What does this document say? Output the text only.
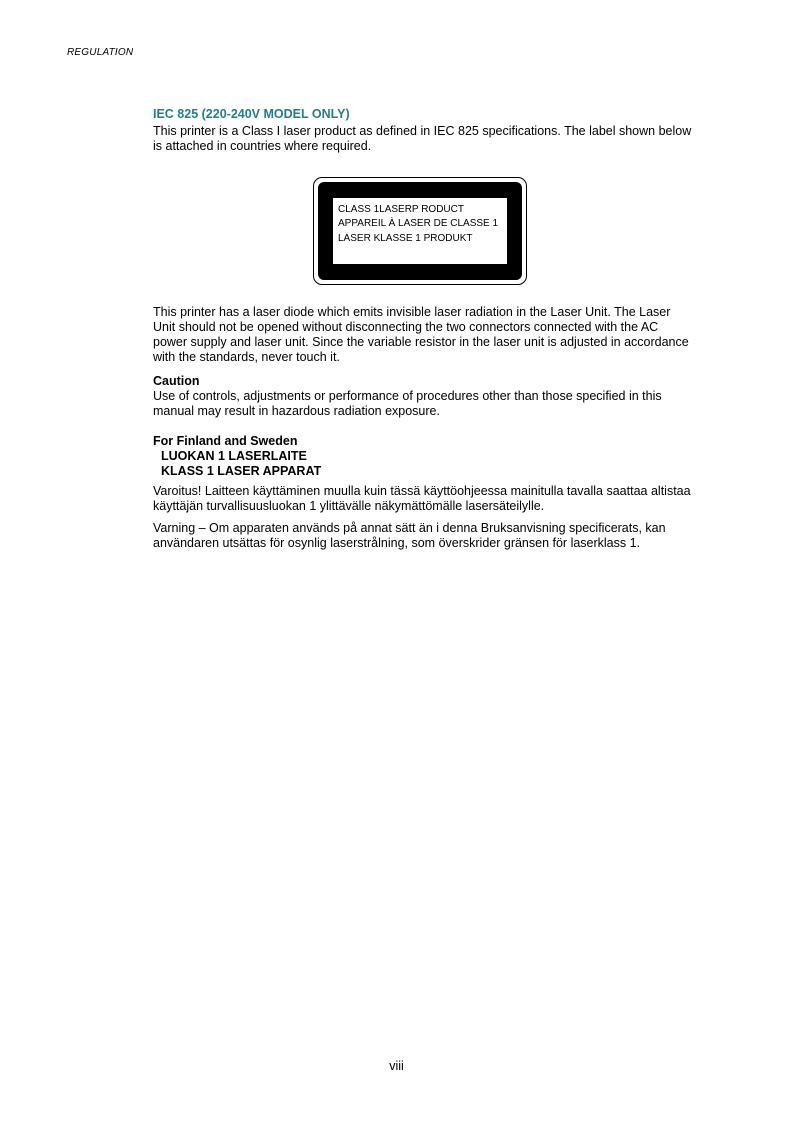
REGULATION
IEC 825 (220-240V MODEL ONLY)

This printer is a Class I laser product as defined in IEC 825 specifications. The label shown below is attached in countries where required.

CLASS 1LASERP RODUCT
APPAREIL À LASER DE CLASSE 1
LASER KLASSE 1 PRODUKT

This printer has a laser diode which emits invisible laser radiation in the Laser Unit. The Laser Unit should not be opened without disconnecting the two connectors connected with the AC power supply and laser unit. Since the variable resistor in the laser unit is adjusted in accordance with the standards, never touch it.

Caution

Use of controls, adjustments or performance of procedures other than those specified in this manual may result in hazardous radiation exposure.

For Finland and Sweden
LUOKAN 1 LASERLAITE
KLASS 1 LASER APPARAT

Varoitus! Laitteen käyttäminen muulla kuin tässä käyttöohjeessa mainitulla tavalla saattaa altistaa käyttäjän turvallisuusluokan 1 ylittävälle näkymättömälle lasersäteilylle.

Varning – Om apparaten används på annat sätt än i denna Bruksanvisning specificerats, kan användaren utsättas för osynlig laserstrålning, som överskrider gränsen för laserklass 1.

viii
